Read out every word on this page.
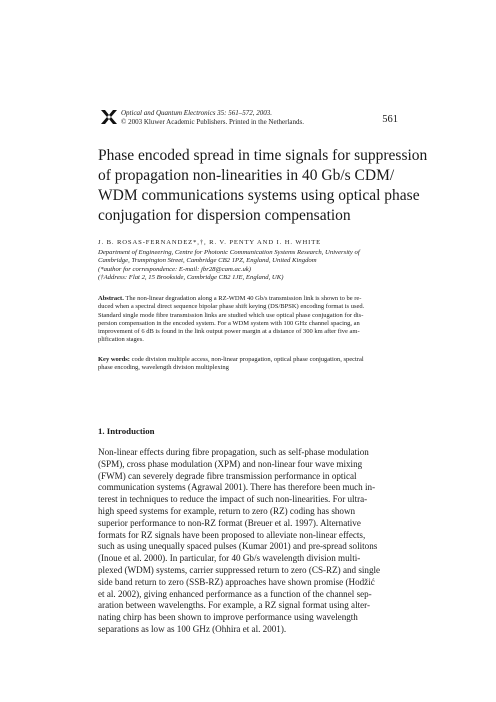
Optical and Quantum Electronics 35: 561–572, 2003.
© 2003 Kluwer Academic Publishers. Printed in the Netherlands.	561
Phase encoded spread in time signals for suppression
of propagation non-linearities in 40 Gb/s CDM/
WDM communications systems using optical phase
conjugation for dispersion compensation
J. B. ROSAS-FERNANDEZ*,†, R. V. PENTY AND I. H. WHITE
Department of Engineering, Centre for Photonic Communication Systems Research, University of
Cambridge, Trumpington Street, Cambridge CB2 1PZ, England, United Kingdom
(*author for correspondence: E-mail: jbr28@cam.ac.uk)
(†Address: Flat 2, 15 Brookside, Cambridge CB2 1JE, England, UK)
Abstract. The non-linear degradation along a RZ-WDM 40 Gb/s transmission link is shown to be re-
duced when a spectral direct sequence bipolar phase shift keying (DS/BPSK) encoding format is used.
Standard single mode fibre transmission links are studied which use optical phase conjugation for dis-
persion compensation in the encoded system. For a WDM system with 100 GHz channel spacing, an
improvement of 6 dB is found in the link output power margin at a distance of 300 km after five am-
plification stages.
Key words: code division multiple access, non-linear propagation, optical phase conjugation, spectral
phase encoding, wavelength division multiplexing
1. Introduction
Non-linear effects during fibre propagation, such as self-phase modulation
(SPM), cross phase modulation (XPM) and non-linear four wave mixing
(FWM) can severely degrade fibre transmission performance in optical
communication systems (Agrawal 2001). There has therefore been much in-
terest in techniques to reduce the impact of such non-linearities. For ultra-
high speed systems for example, return to zero (RZ) coding has shown
superior performance to non-RZ format (Breuer et al. 1997). Alternative
formats for RZ signals have been proposed to alleviate non-linear effects,
such as using unequally spaced pulses (Kumar 2001) and pre-spread solitons
(Inoue et al. 2000). In particular, for 40 Gb/s wavelength division multi-
plexed (WDM) systems, carrier suppressed return to zero (CS-RZ) and single
side band return to zero (SSB-RZ) approaches have shown promise (Hodžić
et al. 2002), giving enhanced performance as a function of the channel sep-
aration between wavelengths. For example, a RZ signal format using alter-
nating chirp has been shown to improve performance using wavelength
separations as low as 100 GHz (Ohhira et al. 2001).
